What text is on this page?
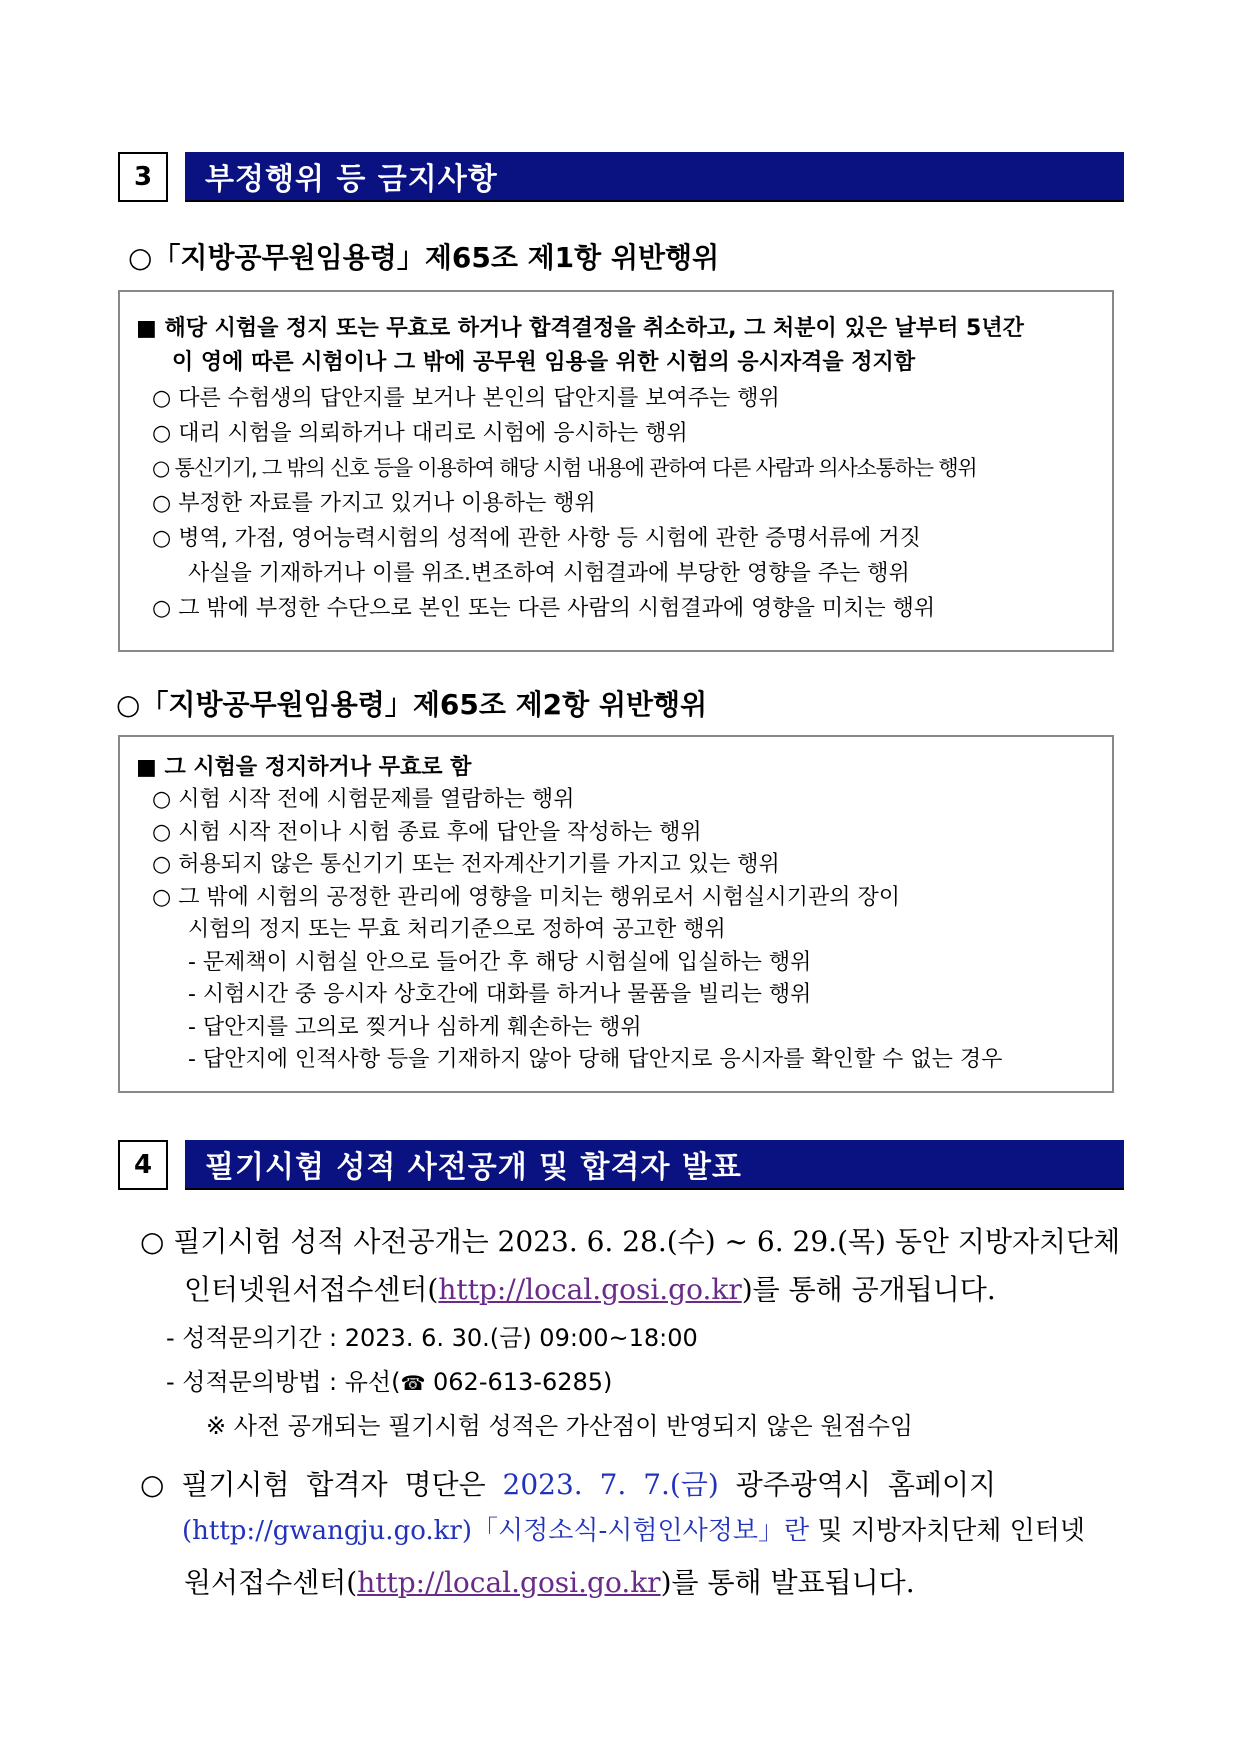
3	부정행위 등 금지사항
○「지방공무원임용령」제65조 제1항 위반행위
■ 해당 시험을 정지 또는 무효로 하거나 합격결정을 취소하고, 그 처분이 있은 날부터 5년간
이 영에 따른 시험이나 그 밖에 공무원 임용을 위한 시험의 응시자격을 정지함
○ 다른 수험생의 답안지를 보거나 본인의 답안지를 보여주는 행위
○ 대리 시험을 의뢰하거나 대리로 시험에 응시하는 행위
○ 통신기기, 그 밖의 신호 등을 이용하여 해당 시험 내용에 관하여 다른 사람과 의사소통하는 행위
○ 부정한 자료를 가지고 있거나 이용하는 행위
○ 병역, 가점, 영어능력시험의 성적에 관한 사항 등 시험에 관한 증명서류에 거짓
사실을 기재하거나 이를 위조.변조하여 시험결과에 부당한 영향을 주는 행위
○ 그 밖에 부정한 수단으로 본인 또는 다른 사람의 시험결과에 영향을 미치는 행위
○「지방공무원임용령」제65조 제2항 위반행위
■ 그 시험을 정지하거나 무효로 함
○ 시험 시작 전에 시험문제를 열람하는 행위
○ 시험 시작 전이나 시험 종료 후에 답안을 작성하는 행위
○ 허용되지 않은 통신기기 또는 전자계산기기를 가지고 있는 행위
○ 그 밖에 시험의 공정한 관리에 영향을 미치는 행위로서 시험실시기관의 장이
시험의 정지 또는 무효 처리기준으로 정하여 공고한 행위
- 문제책이 시험실 안으로 들어간 후 해당 시험실에 입실하는 행위
- 시험시간 중 응시자 상호간에 대화를 하거나 물품을 빌리는 행위
- 답안지를 고의로 찢거나 심하게 훼손하는 행위
- 답안지에 인적사항 등을 기재하지 않아 당해 답안지로 응시자를 확인할 수 없는 경우
4	필기시험 성적 사전공개 및 합격자 발표
○ 필기시험 성적 사전공개는 2023. 6. 28.(수) ~ 6. 29.(목) 동안 지방자치단체
인터넷원서접수센터(http://local.gosi.go.kr)를 통해 공개됩니다.
- 성적문의기간 : 2023. 6. 30.(금) 09:00~18:00
- 성적문의방법 : 유선(☎ 062-613-6285)
※ 사전 공개되는 필기시험 성적은 가산점이 반영되지 않은 원점수임
○ 필기시험 합격자 명단은 2023. 7. 7.(금) 광주광역시 홈페이지
(http://gwangju.go.kr)「시정소식-시험인사정보」란 및 지방자치단체 인터넷
원서접수센터(http://local.gosi.go.kr)를 통해 발표됩니다.
